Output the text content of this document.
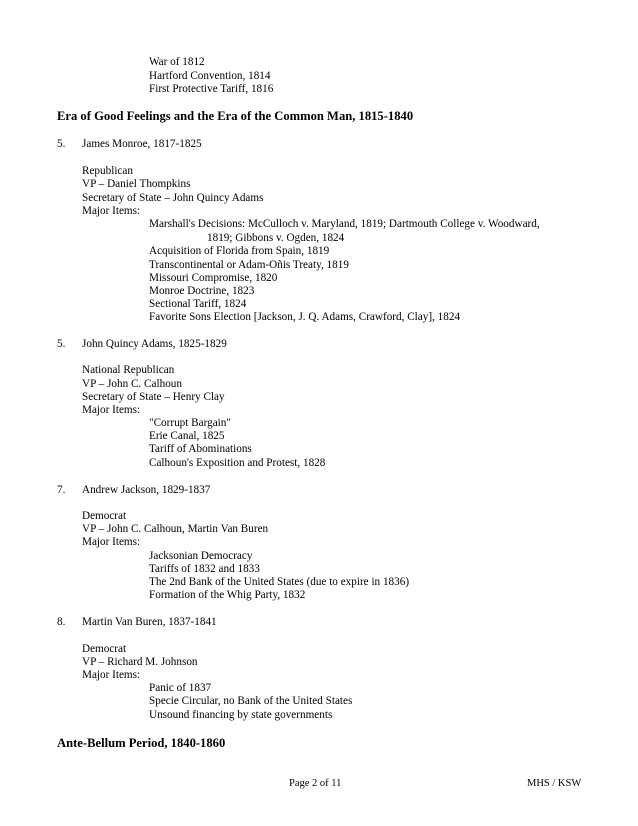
War of 1812
Hartford Convention, 1814
First Protective Tariff, 1816
Era of Good Feelings and the Era of the Common Man, 1815-1840
5. James Monroe, 1817-1825
Republican
VP – Daniel Thompkins
Secretary of State – John Quincy Adams
Major Items:
Marshall's Decisions: McCulloch v. Maryland, 1819; Dartmouth College v. Woodward,
1819; Gibbons v. Ogden, 1824
Acquisition of Florida from Spain, 1819
Transcontinental or Adam-Oñis Treaty, 1819
Missouri Compromise, 1820
Monroe Doctrine, 1823
Sectional Tariff, 1824
Favorite Sons Election [Jackson, J. Q. Adams, Crawford, Clay], 1824
5. John Quincy Adams, 1825-1829
National Republican
VP – John C. Calhoun
Secretary of State – Henry Clay
Major Items:
"Corrupt Bargain"
Erie Canal, 1825
Tariff of Abominations
Calhoun's Exposition and Protest, 1828
7. Andrew Jackson, 1829-1837
Democrat
VP – John C. Calhoun, Martin Van Buren
Major Items:
Jacksonian Democracy
Tariffs of 1832 and 1833
The 2nd Bank of the United States (due to expire in 1836)
Formation of the Whig Party, 1832
8. Martin Van Buren, 1837-1841
Democrat
VP – Richard M. Johnson
Major Items:
Panic of 1837
Specie Circular, no Bank of the United States
Unsound financing by state governments
Ante-Bellum Period, 1840-1860
Page 2 of 11	MHS / KSW
